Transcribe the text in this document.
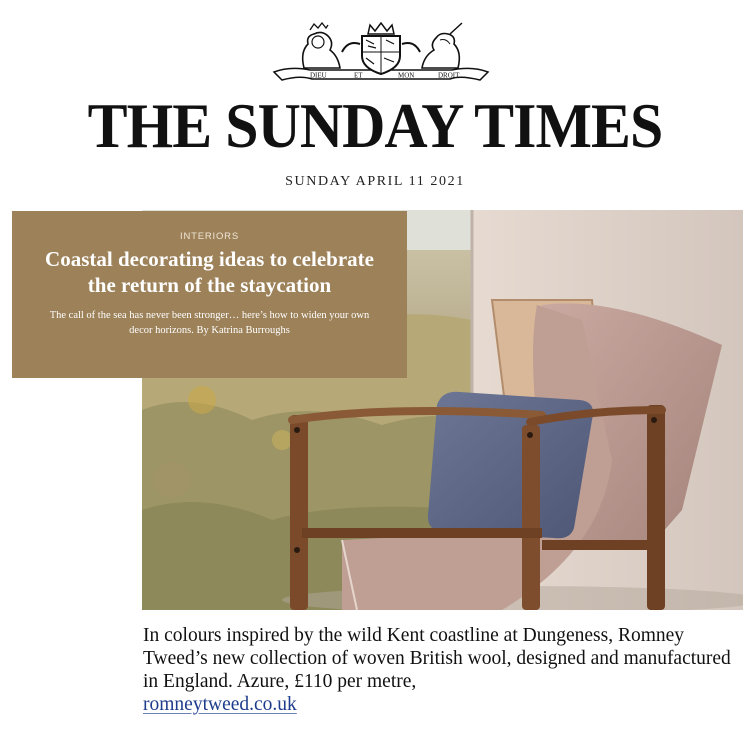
DIEU	ET	MON	DROIT
THE SUNDAY TIMES
SUNDAY APRIL 11 2021
INTERIORS
Coastal decorating ideas to celebrate the return of the staycation
The call of the sea has never been stronger… here’s how to widen your own decor horizons. By Katrina Burroughs
In colours inspired by the wild Kent coastline at Dungeness, Romney Tweed’s new collection of woven British wool, designed and manufactured in England. Azure, £110 per metre,
romneytweed.co.uk
